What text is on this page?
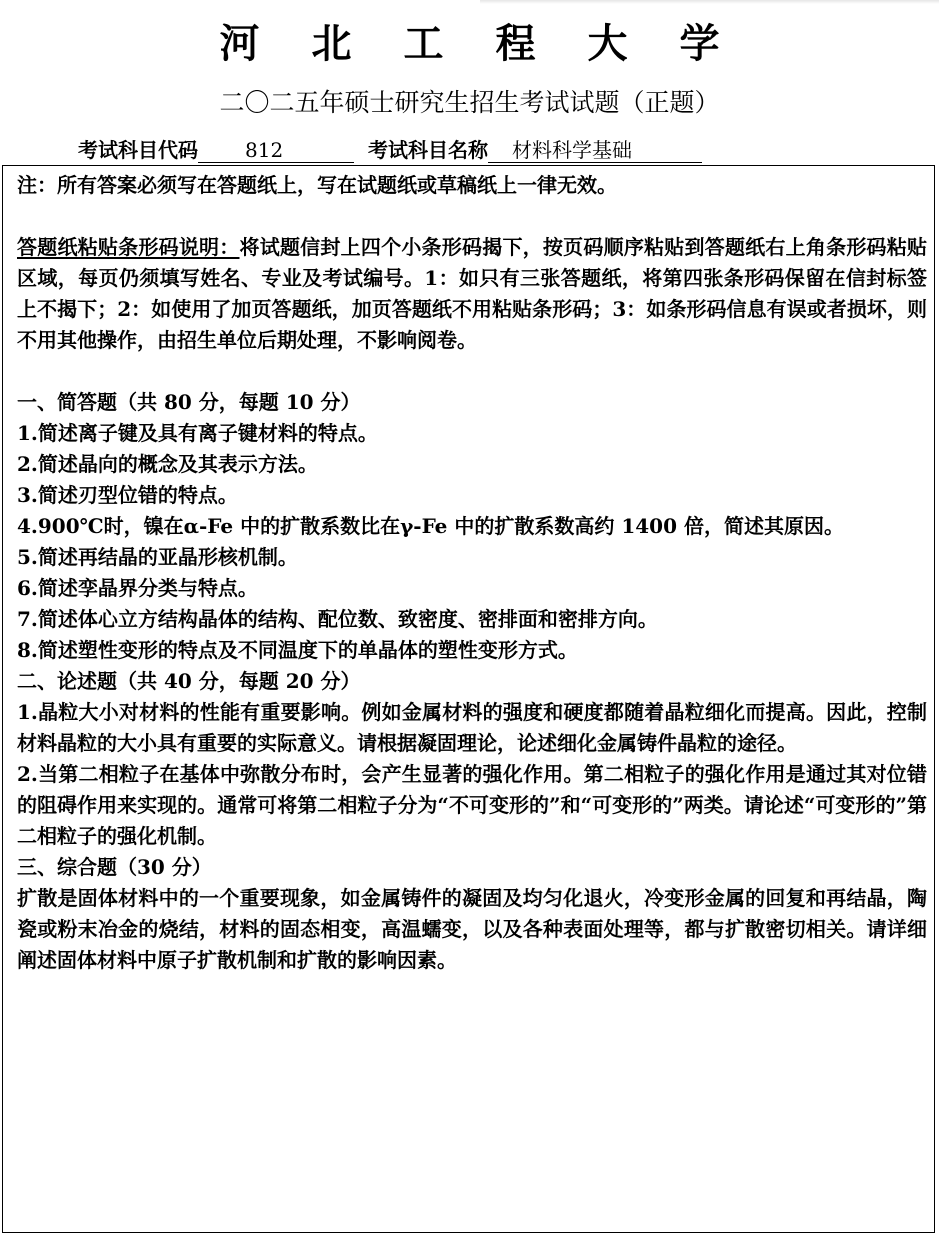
河北工程大学
二〇二五年硕士研究生招生考试试题（正题）
考试科目代码 812	考试科目名称 材料科学基础

注：所有答案必须写在答题纸上，写在试题纸或草稿纸上一律无效。

答题纸粘贴条形码说明：将试题信封上四个小条形码揭下，按页码顺序粘贴到答题纸右上角条形码粘贴区域，每页仍须填写姓名、专业及考试编号。1：如只有三张答题纸，将第四张条形码保留在信封标签上不揭下；2：如使用了加页答题纸，加页答题纸不用粘贴条形码；3：如条形码信息有误或者损坏，则不用其他操作，由招生单位后期处理，不影响阅卷。

一、简答题（共 80 分，每题 10 分）

1.简述离子键及具有离子键材料的特点。

2.简述晶向的概念及其表示方法。

3.简述刃型位错的特点。

4.900℃时，镍在α-Fe 中的扩散系数比在γ-Fe 中的扩散系数高约 1400 倍，简述其原因。

5.简述再结晶的亚晶形核机制。

6.简述孪晶界分类与特点。

7.简述体心立方结构晶体的结构、配位数、致密度、密排面和密排方向。

8.简述塑性变形的特点及不同温度下的单晶体的塑性变形方式。

二、论述题（共 40 分，每题 20 分）

1.晶粒大小对材料的性能有重要影响。例如金属材料的强度和硬度都随着晶粒细化而提高。因此，控制材料晶粒的大小具有重要的实际意义。请根据凝固理论，论述细化金属铸件晶粒的途径。

2.当第二相粒子在基体中弥散分布时，会产生显著的强化作用。第二相粒子的强化作用是通过其对位错的阻碍作用来实现的。通常可将第二相粒子分为“不可变形的”和“可变形的”两类。请论述“可变形的”第二相粒子的强化机制。

三、综合题（30 分）

扩散是固体材料中的一个重要现象，如金属铸件的凝固及均匀化退火，冷变形金属的回复和再结晶，陶瓷或粉末冶金的烧结，材料的固态相变，高温蠕变，以及各种表面处理等，都与扩散密切相关。请详细阐述固体材料中原子扩散机制和扩散的影响因素。
